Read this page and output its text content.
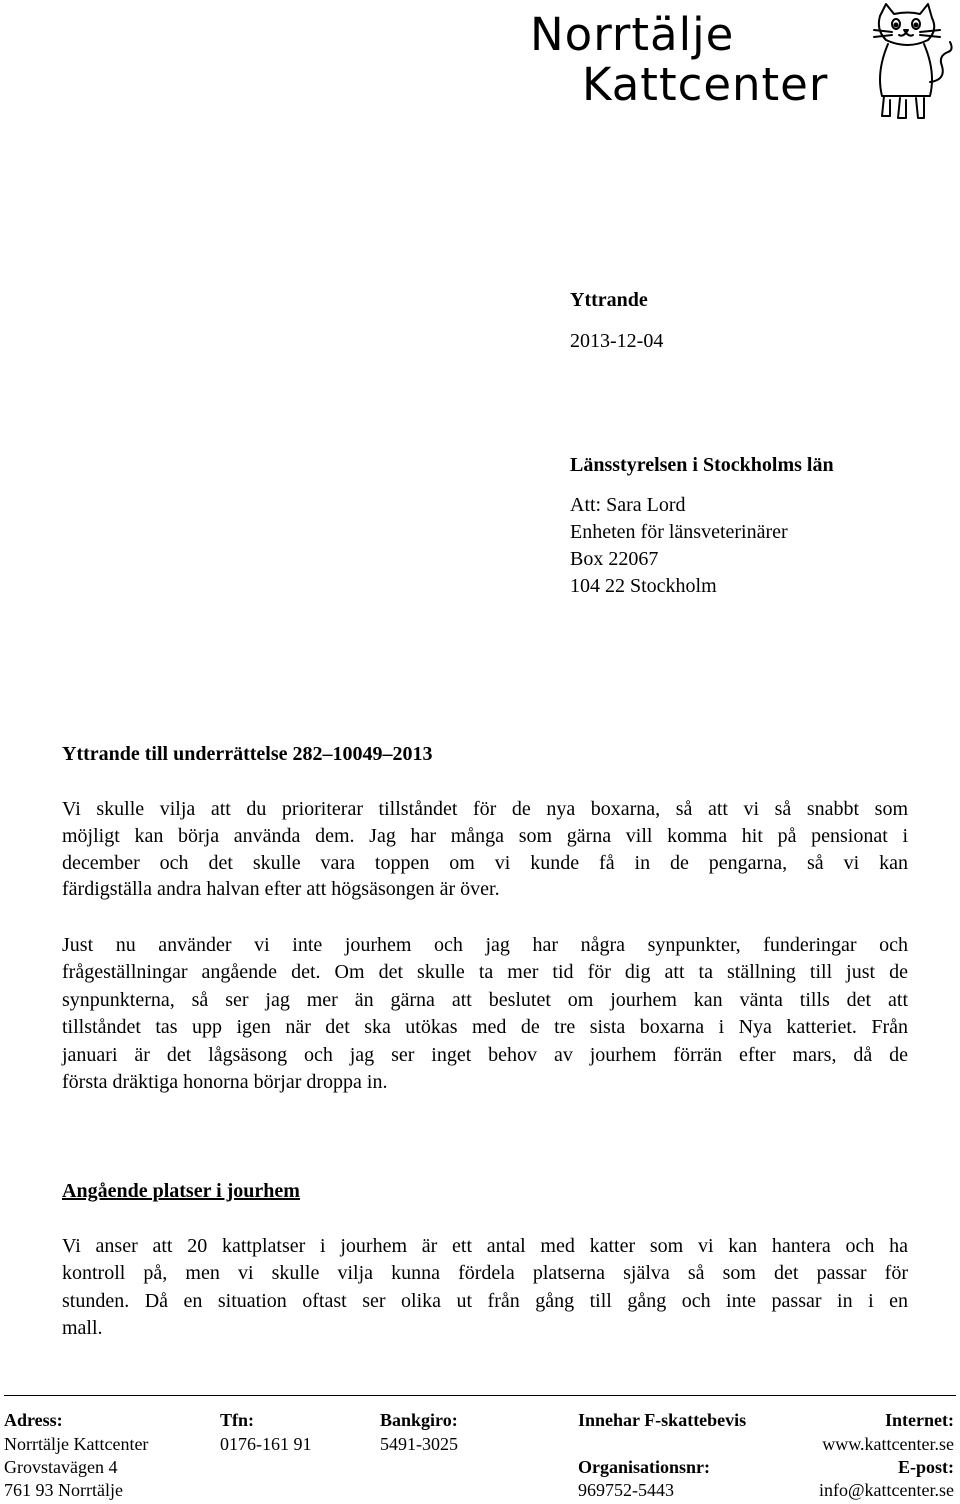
Norrtälje
Kattcenter

Yttrande

2013-12-04

Länsstyrelsen i Stockholms län
Att: Sara Lord
Enheten för länsveterinärer
Box 22067
104 22 Stockholm

Yttrande till underrättelse 282–10049–2013

Vi skulle vilja att du prioriterar tillståndet för de nya boxarna, så att vi så snabbt som
möjligt kan börja använda dem. Jag har många som gärna vill komma hit på pensionat i
december och det skulle vara toppen om vi kunde få in de pengarna, så vi kan
färdigställa andra halvan efter att högsäsongen är över.
Just nu använder vi inte jourhem och jag har några synpunkter, funderingar och
frågeställningar angående det. Om det skulle ta mer tid för dig att ta ställning till just de
synpunkterna, så ser jag mer än gärna att beslutet om jourhem kan vänta tills det att
tillståndet tas upp igen när det ska utökas med de tre sista boxarna i Nya katteriet. Från
januari är det lågsäsong och jag ser inget behov av jourhem förrän efter mars, då de
första dräktiga honorna börjar droppa in.

Angående platser i jourhem

Vi anser att 20 kattplatser i jourhem är ett antal med katter som vi kan hantera och ha
kontroll på, men vi skulle vilja kunna fördela platserna själva så som det passar för
stunden. Då en situation oftast ser olika ut från gång till gång och inte passar in i en
mall.
Adress:
Norrtälje Kattcenter
Grovstavägen 4
761 93 Norrtälje
Tfn:
0176-161 91
Bankgiro:
5491-3025
Innehar F-skattebevis
Organisationsnr:
969752-5443
Internet:
www.kattcenter.se
E-post:
info@kattcenter.se
